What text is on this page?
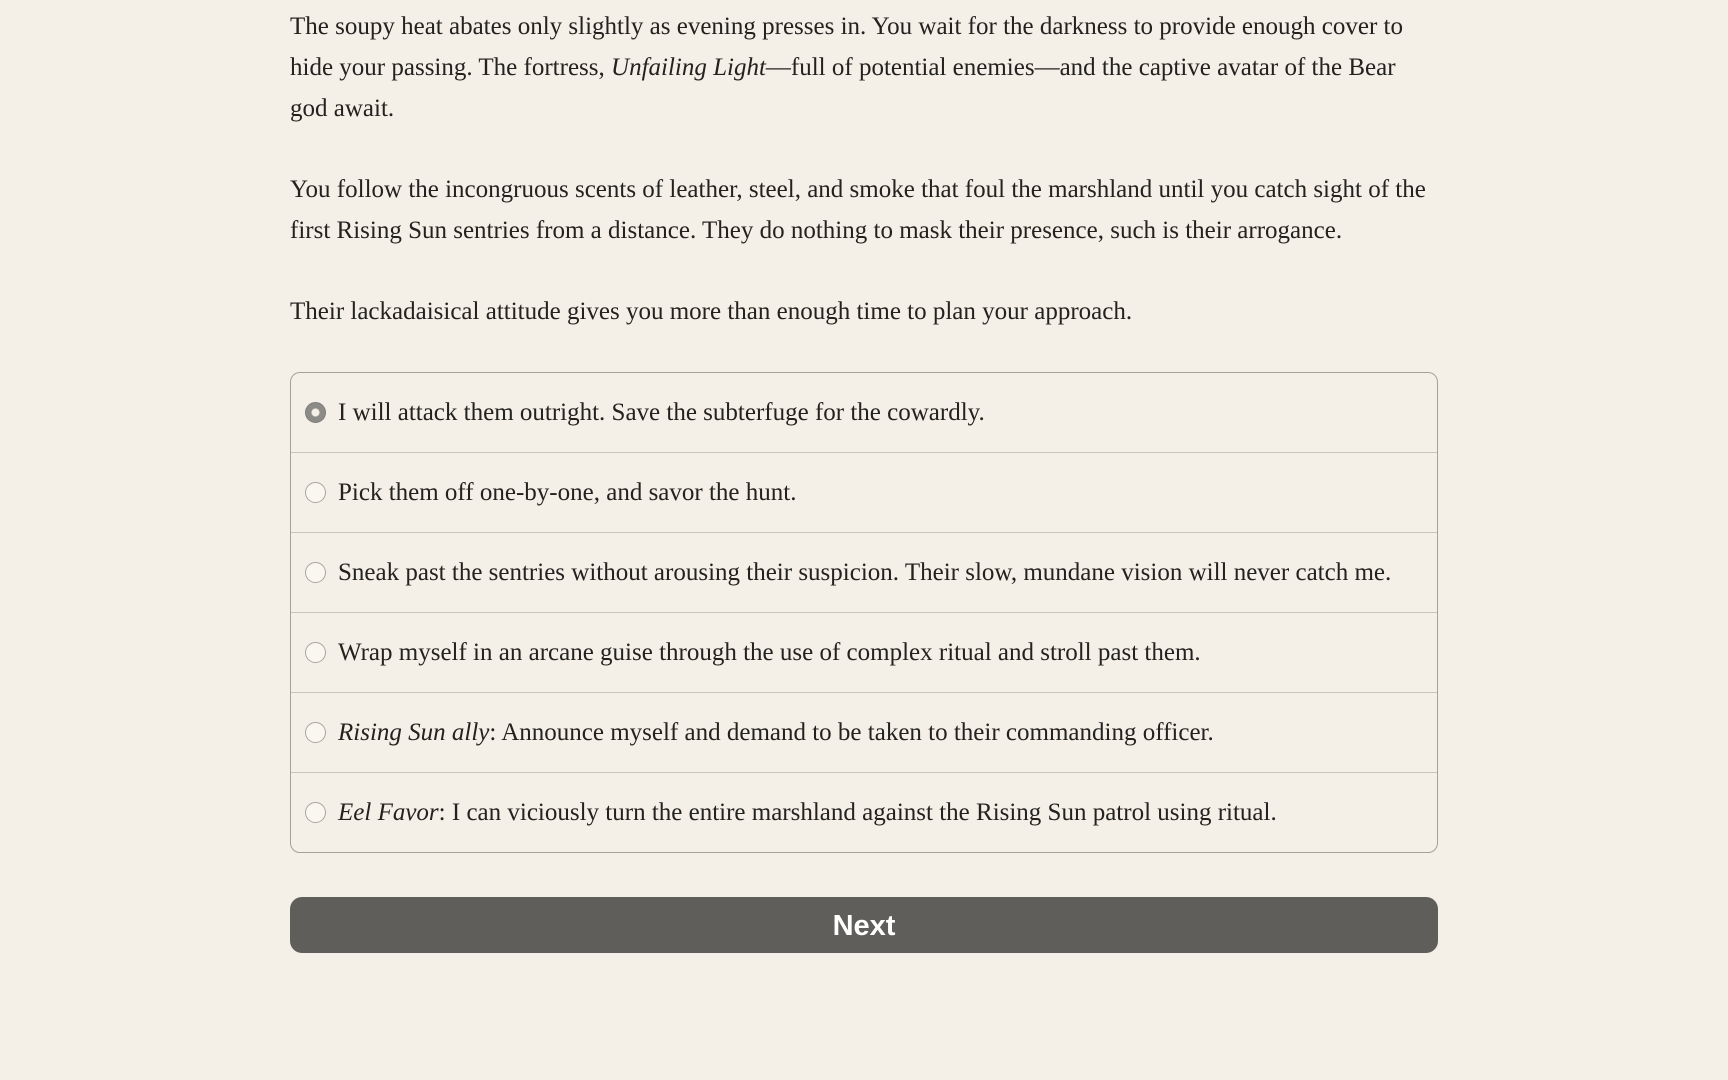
The soupy heat abates only slightly as evening presses in. You wait for the darkness to provide enough cover to hide your passing. The fortress, Unfailing Light—full of potential enemies—and the captive avatar of the Bear god await.

You follow the incongruous scents of leather, steel, and smoke that foul the marshland until you catch sight of the first Rising Sun sentries from a distance. They do nothing to mask their presence, such is their arrogance.

Their lackadaisical attitude gives you more than enough time to plan your approach.

I will attack them outright. Save the subterfuge for the cowardly.
Pick them off one-by-one, and savor the hunt.
Sneak past the sentries without arousing their suspicion. Their slow, mundane vision will never catch me.
Wrap myself in an arcane guise through the use of complex ritual and stroll past them.
Rising Sun ally: Announce myself and demand to be taken to their commanding officer.
Eel Favor: I can viciously turn the entire marshland against the Rising Sun patrol using ritual.
Next
